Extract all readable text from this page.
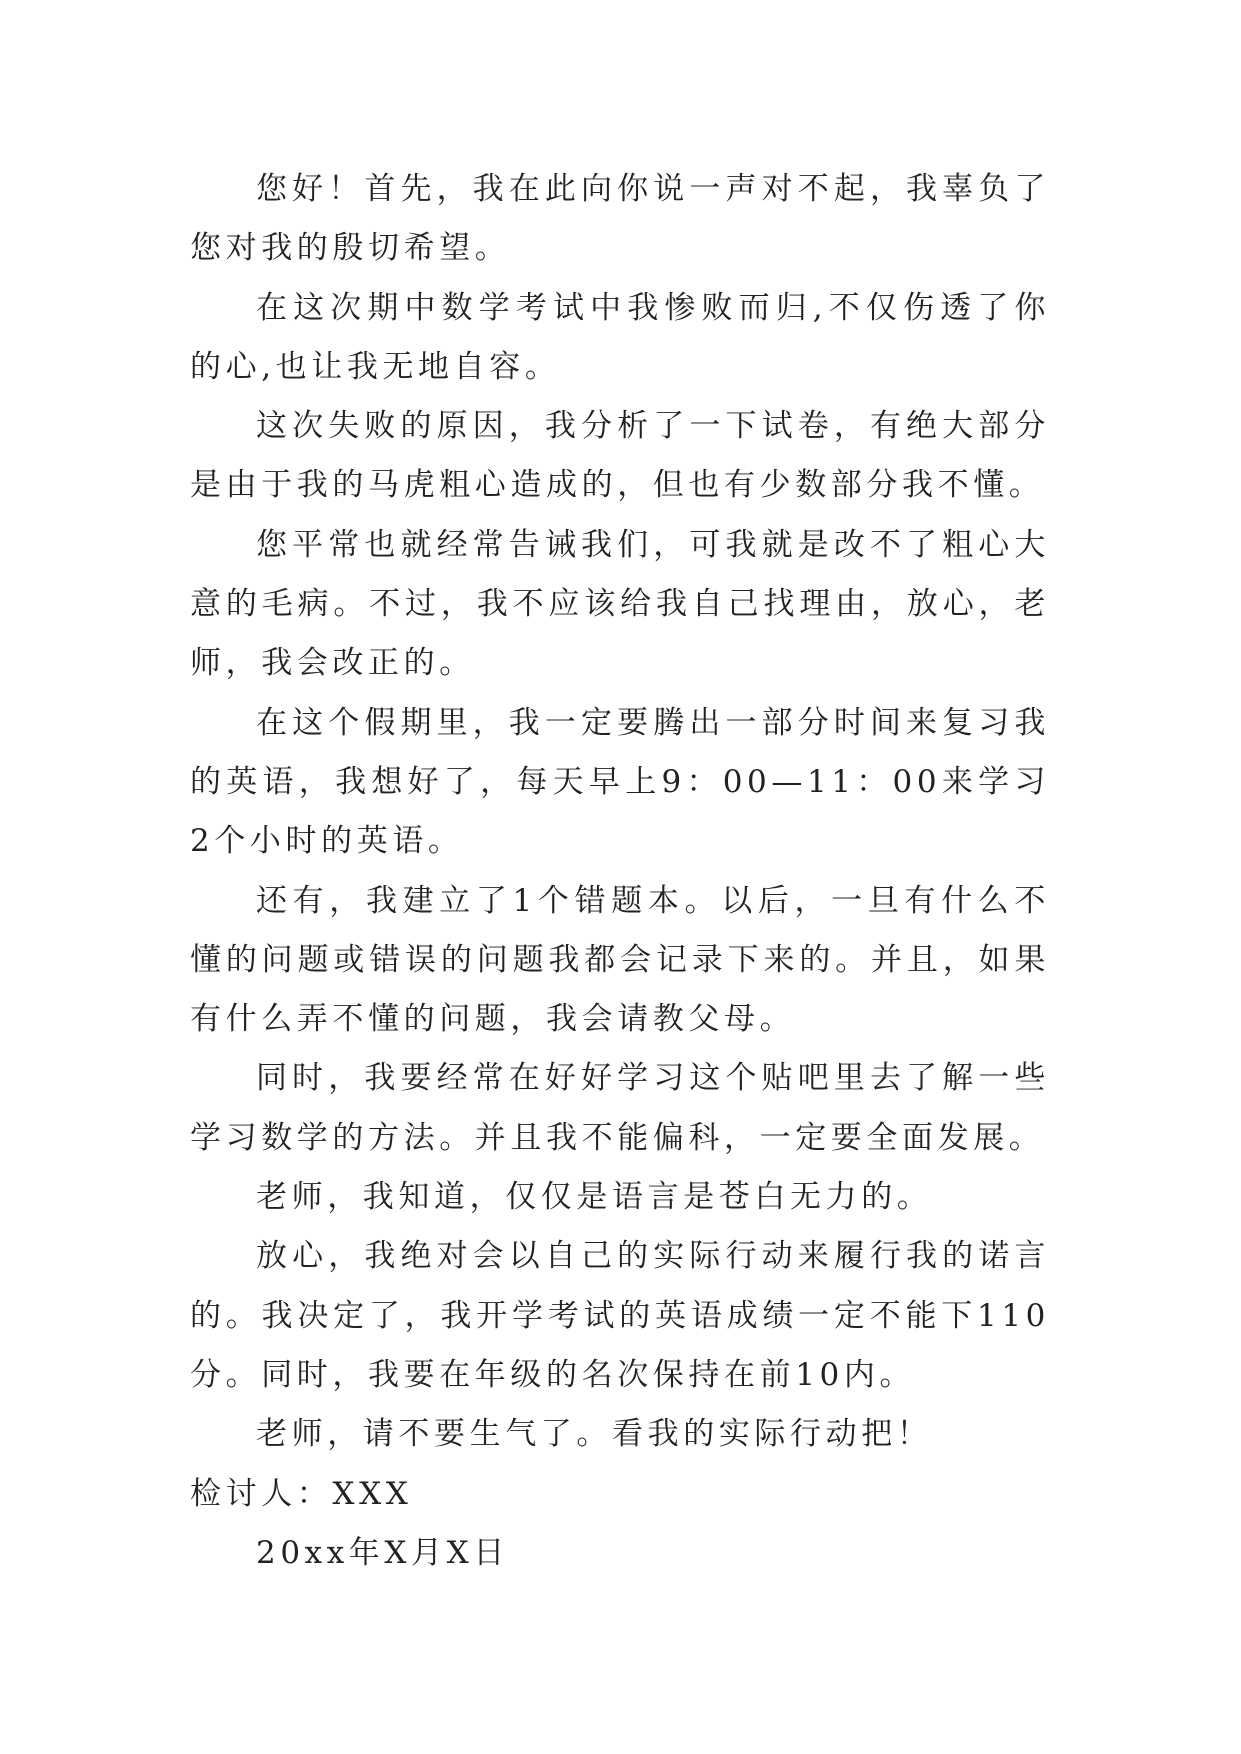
您好！首先，我在此向你说一声对不起，我辜负了您对我的殷切希望。

在这次期中数学考试中我惨败而归,不仅伤透了你的心,也让我无地自容。

这次失败的原因，我分析了一下试卷，有绝大部分是由于我的马虎粗心造成的，但也有少数部分我不懂。

您平常也就经常告诫我们，可我就是改不了粗心大意的毛病。不过，我不应该给我自己找理由，放心，老师，我会改正的。

在这个假期里，我一定要腾出一部分时间来复习我的英语，我想好了，每天早上9：00—11：00来学习2个小时的英语。

还有，我建立了1个错题本。以后，一旦有什么不懂的问题或错误的问题我都会记录下来的。并且，如果有什么弄不懂的问题，我会请教父母。

同时，我要经常在好好学习这个贴吧里去了解一些学习数学的方法。并且我不能偏科，一定要全面发展。

老师，我知道，仅仅是语言是苍白无力的。

放心，我绝对会以自己的实际行动来履行我的诺言的。我决定了，我开学考试的英语成绩一定不能下110分。同时，我要在年级的名次保持在前10内。

老师，请不要生气了。看我的实际行动把！

检讨人：XXX

20xx年X月X日
